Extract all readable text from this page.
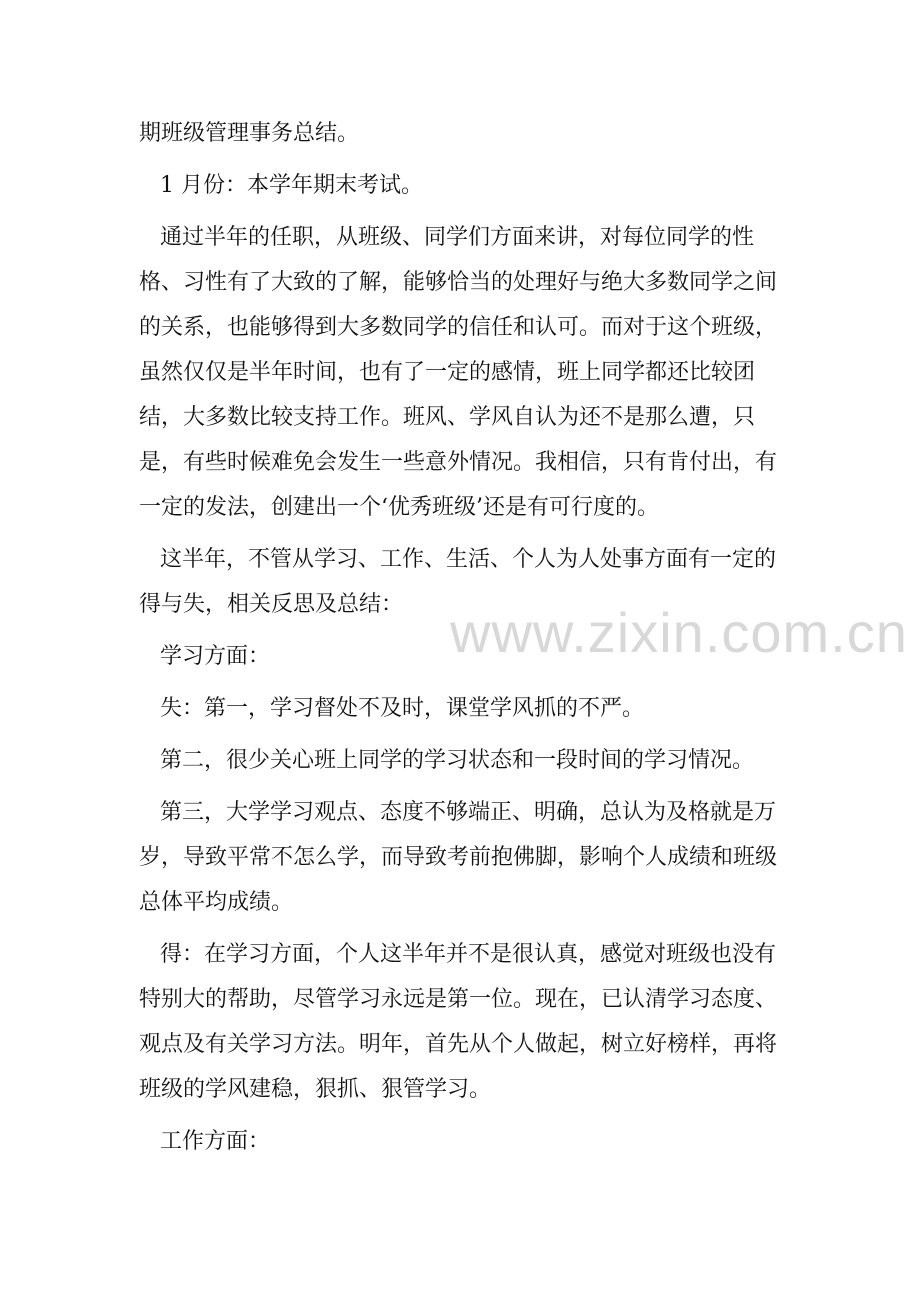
期班级管理事务总结。

1 月份：本学年期末考试。

通过半年的任职，从班级、同学们方面来讲，对每位同学的性格、习性有了大致的了解，能够恰当的处理好与绝大多数同学之间的关系，也能够得到大多数同学的信任和认可。而对于这个班级，虽然仅仅是半年时间，也有了一定的感情，班上同学都还比较团结，大多数比较支持工作。班风、学风自认为还不是那么遭，只是，有些时候难免会发生一些意外情况。我相信，只有肯付出，有一定的发法，创建出一个‘优秀班级’还是有可行度的。

这半年，不管从学习、工作、生活、个人为人处事方面有一定的得与失，相关反思及总结：

学习方面：

失：第一，学习督处不及时，课堂学风抓的不严。

第二，很少关心班上同学的学习状态和一段时间的学习情况。

第三，大学学习观点、态度不够端正、明确，总认为及格就是万岁，导致平常不怎么学，而导致考前抱佛脚，影响个人成绩和班级总体平均成绩。

得：在学习方面，个人这半年并不是很认真，感觉对班级也没有特别大的帮助，尽管学习永远是第一位。现在，已认清学习态度、观点及有关学习方法。明年，首先从个人做起，树立好榜样，再将班级的学风建稳，狠抓、狠管学习。

工作方面：

www.zixin.com.cn
